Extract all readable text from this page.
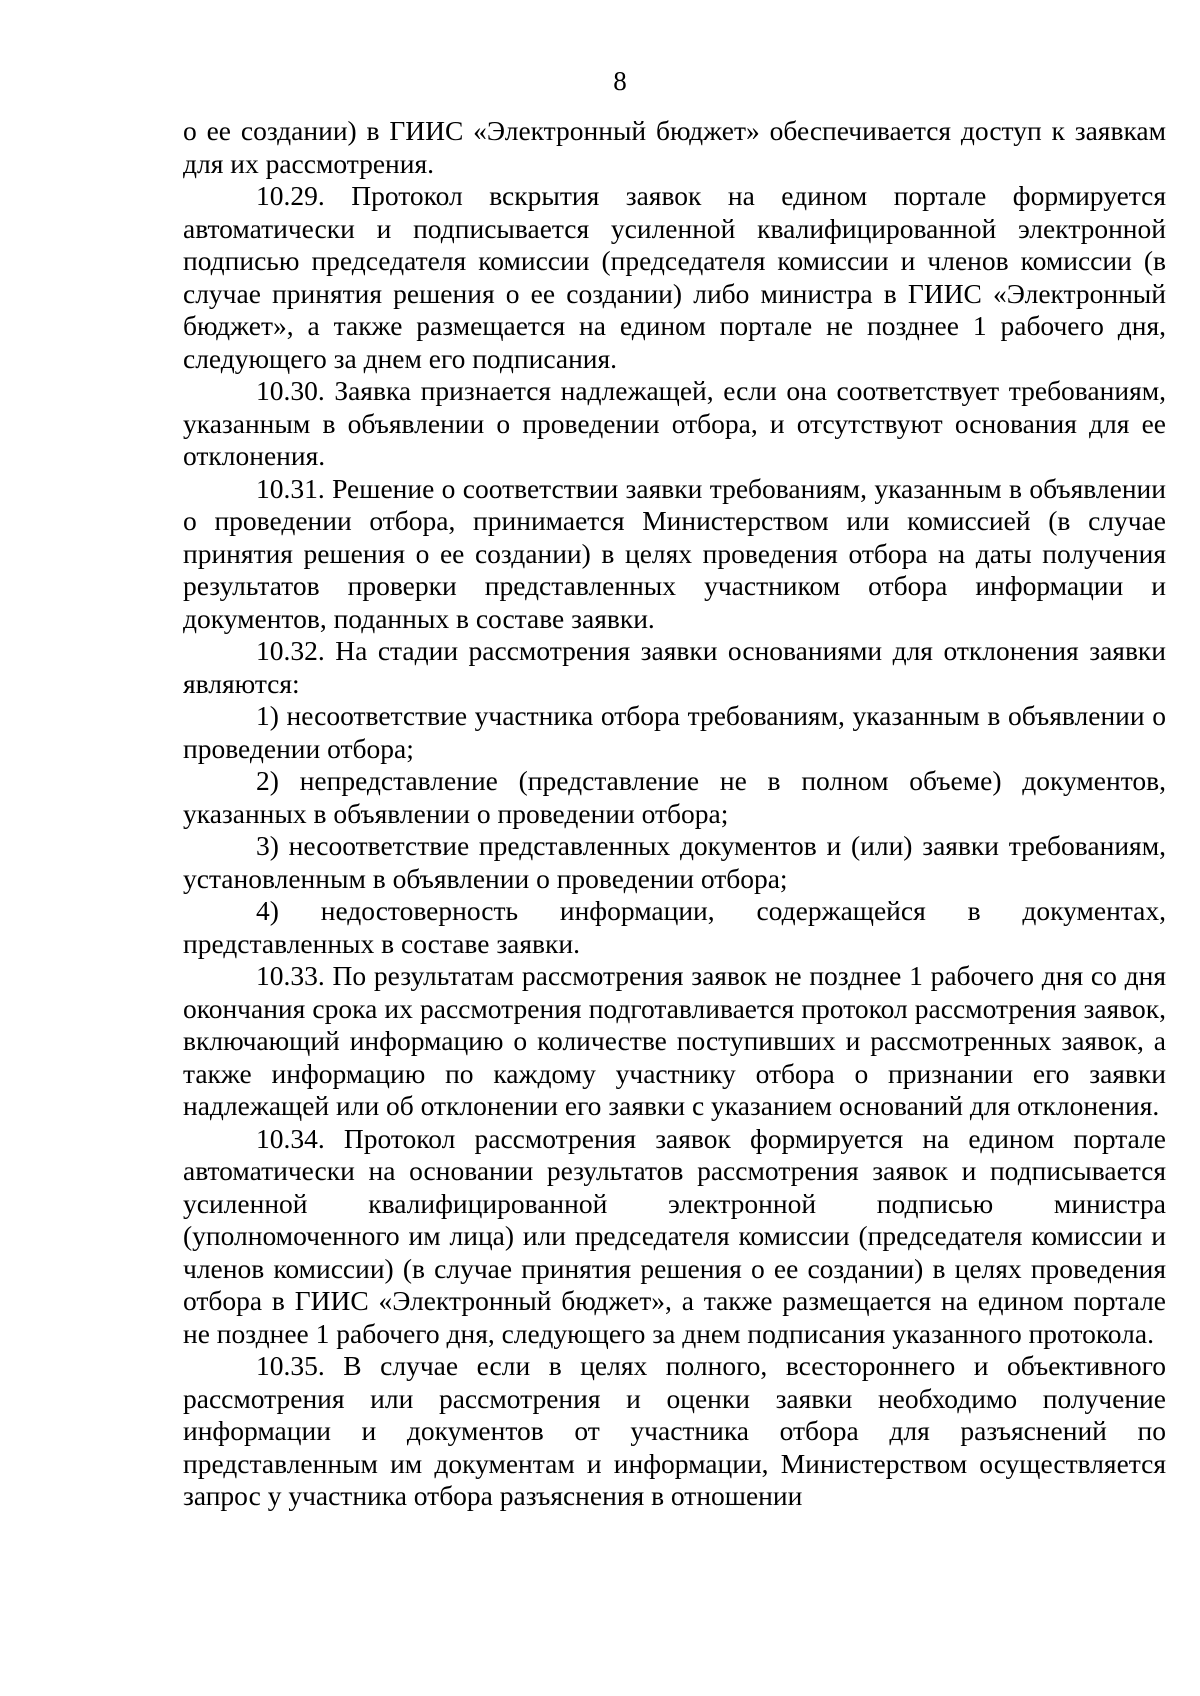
8

о ее создании) в ГИИС «Электронный бюджет» обеспечивается доступ к заявкам для их рассмотрения.

10.29. Протокол вскрытия заявок на едином портале формируется автоматически и подписывается усиленной квалифицированной электронной подписью председателя комиссии (председателя комиссии и членов комиссии (в случае принятия решения о ее создании) либо министра в ГИИС «Электронный бюджет», а также размещается на едином портале не позднее 1 рабочего дня, следующего за днем его подписания.

10.30. Заявка признается надлежащей, если она соответствует требованиям, указанным в объявлении о проведении отбора, и отсутствуют основания для ее отклонения.

10.31. Решение о соответствии заявки требованиям, указанным в объявлении о проведении отбора, принимается Министерством или комиссией (в случае принятия решения о ее создании) в целях проведения отбора на даты получения результатов проверки представленных участником отбора информации и документов, поданных в составе заявки.

10.32. На стадии рассмотрения заявки основаниями для отклонения заявки являются:

1) несоответствие участника отбора требованиям, указанным в объявлении о проведении отбора;

2) непредставление (представление не в полном объеме) документов, указанных в объявлении о проведении отбора;

3) несоответствие представленных документов и (или) заявки требованиям, установленным в объявлении о проведении отбора;

4) недостоверность информации, содержащейся в документах, представленных в составе заявки.

10.33. По результатам рассмотрения заявок не позднее 1 рабочего дня со дня окончания срока их рассмотрения подготавливается протокол рассмотрения заявок, включающий информацию о количестве поступивших и рассмотренных заявок, а также информацию по каждому участнику отбора о признании его заявки надлежащей или об отклонении его заявки с указанием оснований для отклонения.

10.34. Протокол рассмотрения заявок формируется на едином портале автоматически на основании результатов рассмотрения заявок и подписывается усиленной квалифицированной электронной подписью министра (уполномоченного им лица) или председателя комиссии (председателя комиссии и членов комиссии) (в случае принятия решения о ее создании) в целях проведения отбора в ГИИС «Электронный бюджет», а также размещается на едином портале не позднее 1 рабочего дня, следующего за днем подписания указанного протокола.

10.35. В случае если в целях полного, всестороннего и объективного рассмотрения или рассмотрения и оценки заявки необходимо получение информации и документов от участника отбора для разъяснений по представленным им документам и информации, Министерством осуществляется запрос у участника отбора разъяснения в отношении
